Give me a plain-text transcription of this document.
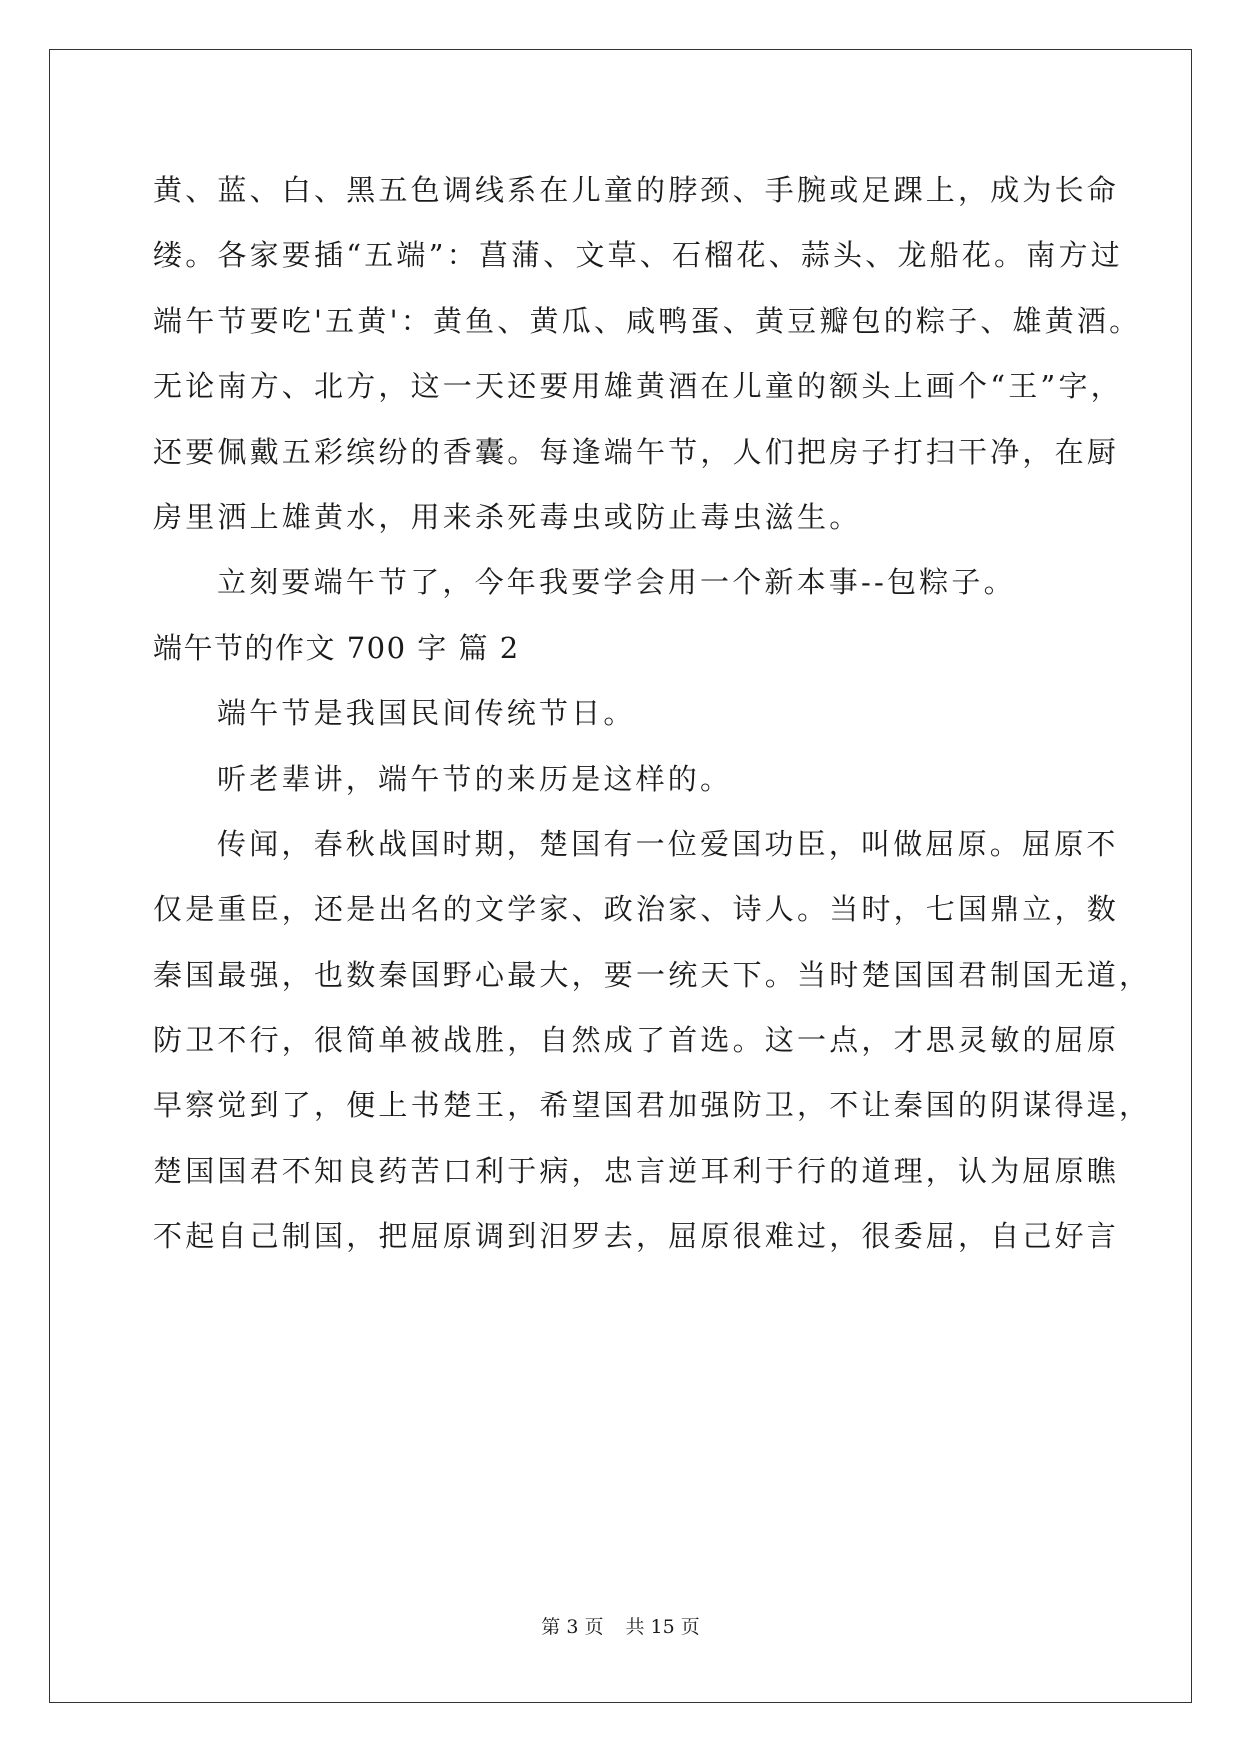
黄、蓝、白、黑五色调线系在儿童的脖颈、手腕或足踝上，成为长命
缕。各家要插“五端”：菖蒲、文草、石榴花、蒜头、龙船花。南方过
端午节要吃'五黄'：黄鱼、黄瓜、咸鸭蛋、黄豆瓣包的粽子、雄黄酒。
无论南方、北方，这一天还要用雄黄酒在儿童的额头上画个“王”字，
还要佩戴五彩缤纷的香囊。每逢端午节，人们把房子打扫干净，在厨
房里洒上雄黄水，用来杀死毒虫或防止毒虫滋生。
立刻要端午节了，今年我要学会用一个新本事--包粽子。
端午节的作文 700 字 篇 2
端午节是我国民间传统节日。
听老辈讲，端午节的来历是这样的。
传闻，春秋战国时期，楚国有一位爱国功臣，叫做屈原。屈原不
仅是重臣，还是出名的文学家、政治家、诗人。当时，七国鼎立，数
秦国最强，也数秦国野心最大，要一统天下。当时楚国国君制国无道，
防卫不行，很简单被战胜，自然成了首选。这一点，才思灵敏的屈原
早察觉到了，便上书楚王，希望国君加强防卫，不让秦国的阴谋得逞，
楚国国君不知良药苦口利于病，忠言逆耳利于行的道理，认为屈原瞧
不起自己制国，把屈原调到汨罗去，屈原很难过，很委屈，自己好言
第 3 页 共 15 页
